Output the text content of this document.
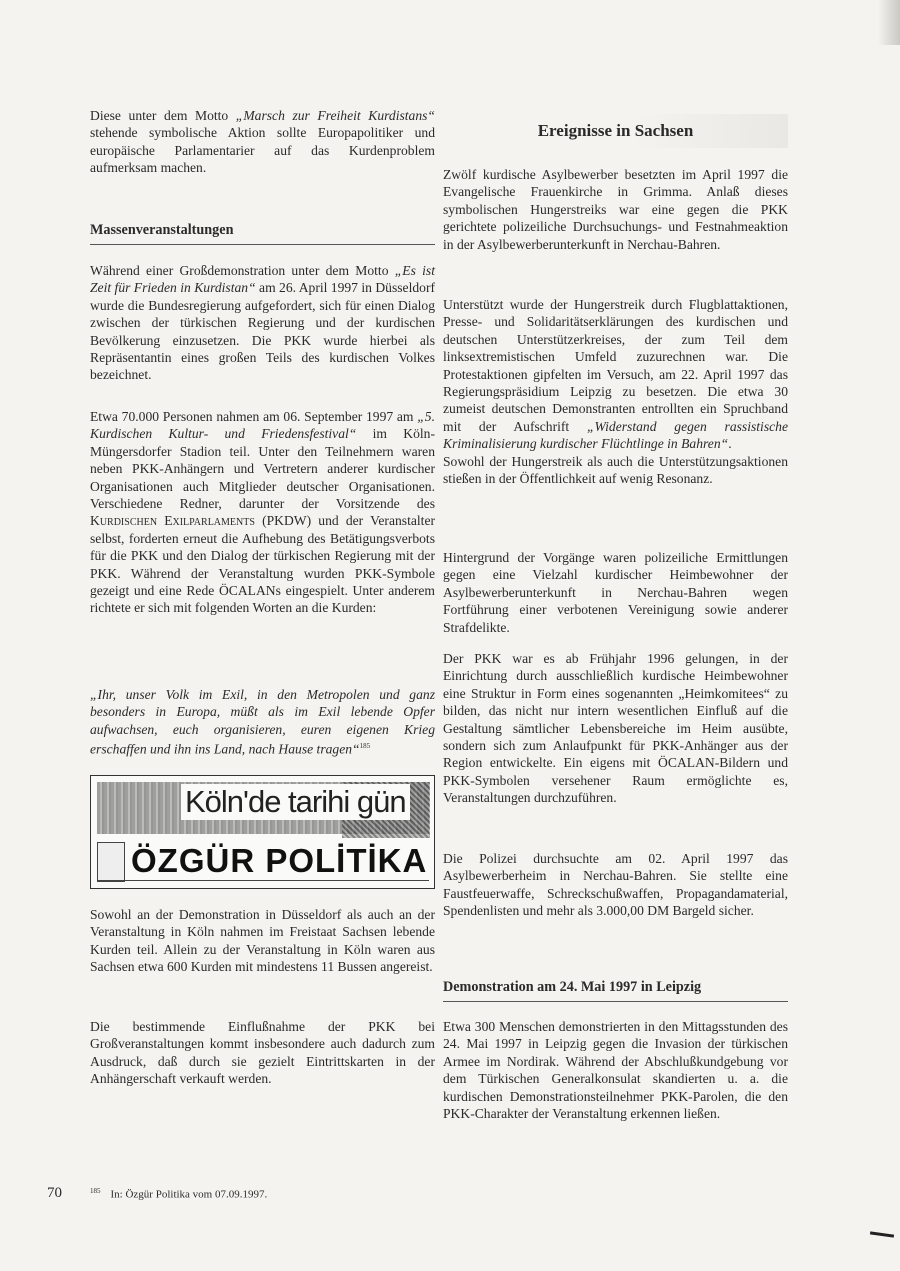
Diese unter dem Motto „Marsch zur Freiheit Kurdistans“ stehende symbolische Aktion sollte Europapolitiker und europäische Parlamentarier auf das Kurdenproblem aufmerksam machen.

Massenveranstaltungen

Während einer Großdemonstration unter dem Motto „Es ist Zeit für Frieden in Kurdistan“ am 26. April 1997 in Düsseldorf wurde die Bundesregierung aufgefordert, sich für einen Dialog zwischen der türkischen Regierung und der kurdischen Bevölkerung einzusetzen. Die PKK wurde hierbei als Repräsentantin eines großen Teils des kurdischen Volkes bezeichnet.

Etwa 70.000 Personen nahmen am 06. September 1997 am „5. Kurdischen Kultur- und Friedensfestival“ im Köln-Müngersdorfer Stadion teil. Unter den Teilnehmern waren neben PKK-Anhängern und Vertretern anderer kurdischer Organisationen auch Mitglieder deutscher Organisationen. Verschiedene Redner, darunter der Vorsitzende des Kurdischen Exilparlaments (PKDW) und der Veranstalter selbst, forderten erneut die Aufhebung des Betätigungsverbots für die PKK und den Dialog der türkischen Regierung mit der PKK. Während der Veranstaltung wurden PKK-Symbole gezeigt und eine Rede ÖCALANs eingespielt. Unter anderem richtete er sich mit folgenden Worten an die Kurden:

„Ihr, unser Volk im Exil, in den Metropolen und ganz besonders in Europa, müßt als im Exil lebende Opfer aufwachsen, euch organisieren, euren eigenen Krieg erschaffen und ihn ins Land, nach Hause tragen“$^{185}$

Köln'de tarihi gün
ÖZGÜR POLİTİKA

Sowohl an der Demonstration in Düsseldorf als auch an der Veranstaltung in Köln nahmen im Freistaat Sachsen lebende Kurden teil. Allein zu der Veranstaltung in Köln waren aus Sachsen etwa 600 Kurden mit mindestens 11 Bussen angereist.

Die bestimmende Einflußnahme der PKK bei Großveranstaltungen kommt insbesondere auch dadurch zum Ausdruck, daß durch sie gezielt Eintrittskarten in der Anhängerschaft verkauft werden.

Ereignisse in Sachsen

Zwölf kurdische Asylbewerber besetzten im April 1997 die Evangelische Frauenkirche in Grimma. Anlaß dieses symbolischen Hungerstreiks war eine gegen die PKK gerichtete polizeiliche Durchsuchungs- und Festnahmeaktion in der Asylbewerberunterkunft in Nerchau-Bahren.

Unterstützt wurde der Hungerstreik durch Flugblattaktionen, Presse- und Solidaritätserklärungen des kurdischen und deutschen Unterstützerkreises, der zum Teil dem linksextremistischen Umfeld zuzurechnen war. Die Protestaktionen gipfelten im Versuch, am 22. April 1997 das Regierungspräsidium Leipzig zu besetzen. Die etwa 30 zumeist deutschen Demonstranten entrollten ein Spruchband mit der Aufschrift „Widerstand gegen rassistische Kriminalisierung kurdischer Flüchtlinge in Bahren“.
Sowohl der Hungerstreik als auch die Unterstützungsaktionen stießen in der Öffentlichkeit auf wenig Resonanz.

Hintergrund der Vorgänge waren polizeiliche Ermittlungen gegen eine Vielzahl kurdischer Heimbewohner der Asylbewerberunterkunft in Nerchau-Bahren wegen Fortführung einer verbotenen Vereinigung sowie anderer Strafdelikte.

Der PKK war es ab Frühjahr 1996 gelungen, in der Einrichtung durch ausschließlich kurdische Heimbewohner eine Struktur in Form eines sogenannten „Heimkomitees“ zu bilden, das nicht nur intern wesentlichen Einfluß auf die Gestaltung sämtlicher Lebensbereiche im Heim ausübte, sondern sich zum Anlaufpunkt für PKK-Anhänger aus der Region entwickelte. Ein eigens mit ÖCALAN-Bildern und PKK-Symbolen versehener Raum ermöglichte es, Veranstaltungen durchzuführen.

Die Polizei durchsuchte am 02. April 1997 das Asylbewerberheim in Nerchau-Bahren. Sie stellte eine Faustfeuerwaffe, Schreckschußwaffen, Propagandamaterial, Spendenlisten und mehr als 3.000,00 DM Bargeld sicher.

Demonstration am 24. Mai 1997 in Leipzig

Etwa 300 Menschen demonstrierten in den Mittagsstunden des 24. Mai 1997 in Leipzig gegen die Invasion der türkischen Armee im Nordirak. Während der Abschlußkundgebung vor dem Türkischen Generalkonsulat skandierten u. a. die kurdischen Demonstrationsteilnehmer PKK-Parolen, die den PKK-Charakter der Veranstaltung erkennen ließen.

70	$^{185}$ In: Özgür Politika vom 07.09.1997.
